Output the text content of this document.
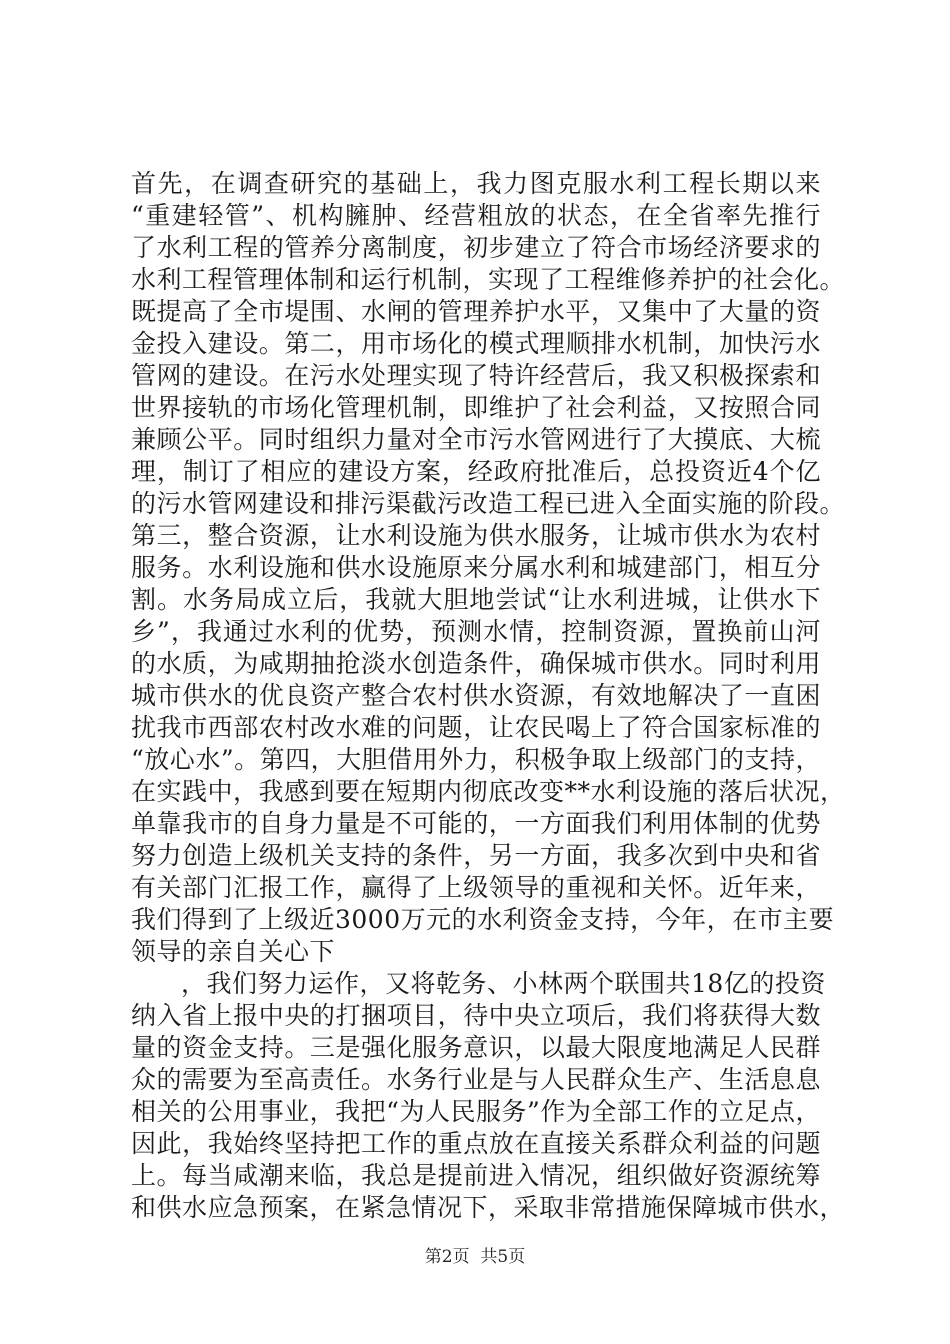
首先，在调查研究的基础上，我力图克服水利工程长期以来
“重建轻管”、机构臃肿、经营粗放的状态，在全省率先推行
了水利工程的管养分离制度，初步建立了符合市场经济要求的
水利工程管理体制和运行机制，实现了工程维修养护的社会化。
既提高了全市堤围、水闸的管理养护水平，又集中了大量的资
金投入建设。第二，用市场化的模式理顺排水机制，加快污水
管网的建设。在污水处理实现了特许经营后，我又积极探索和
世界接轨的市场化管理机制，即维护了社会利益，又按照合同
兼顾公平。同时组织力量对全市污水管网进行了大摸底、大梳
理，制订了相应的建设方案，经政府批准后，总投资近4个亿
的污水管网建设和排污渠截污改造工程已进入全面实施的阶段。
第三，整合资源，让水利设施为供水服务，让城市供水为农村
服务。水利设施和供水设施原来分属水利和城建部门，相互分
割。水务局成立后，我就大胆地尝试“让水利进城，让供水下
乡”，我通过水利的优势，预测水情，控制资源，置换前山河
的水质，为咸期抽抢淡水创造条件，确保城市供水。同时利用
城市供水的优良资产整合农村供水资源，有效地解决了一直困
扰我市西部农村改水难的问题，让农民喝上了符合国家标准的
“放心水”。第四，大胆借用外力，积极争取上级部门的支持，
在实践中，我感到要在短期内彻底改变**水利设施的落后状况，
单靠我市的自身力量是不可能的，一方面我们利用体制的优势
努力创造上级机关支持的条件，另一方面，我多次到中央和省
有关部门汇报工作，赢得了上级领导的重视和关怀。近年来，
我们得到了上级近3000万元的水利资金支持，今年，在市主要
领导的亲自关心下
，我们努力运作，又将乾务、小林两个联围共18亿的投资
纳入省上报中央的打捆项目，待中央立项后，我们将获得大数
量的资金支持。三是强化服务意识，以最大限度地满足人民群
众的需要为至高责任。水务行业是与人民群众生产、生活息息
相关的公用事业，我把“为人民服务”作为全部工作的立足点，
因此，我始终坚持把工作的重点放在直接关系群众利益的问题
上。每当咸潮来临，我总是提前进入情况，组织做好资源统筹
和供水应急预案，在紧急情况下，采取非常措施保障城市供水，
第2页  共5页
